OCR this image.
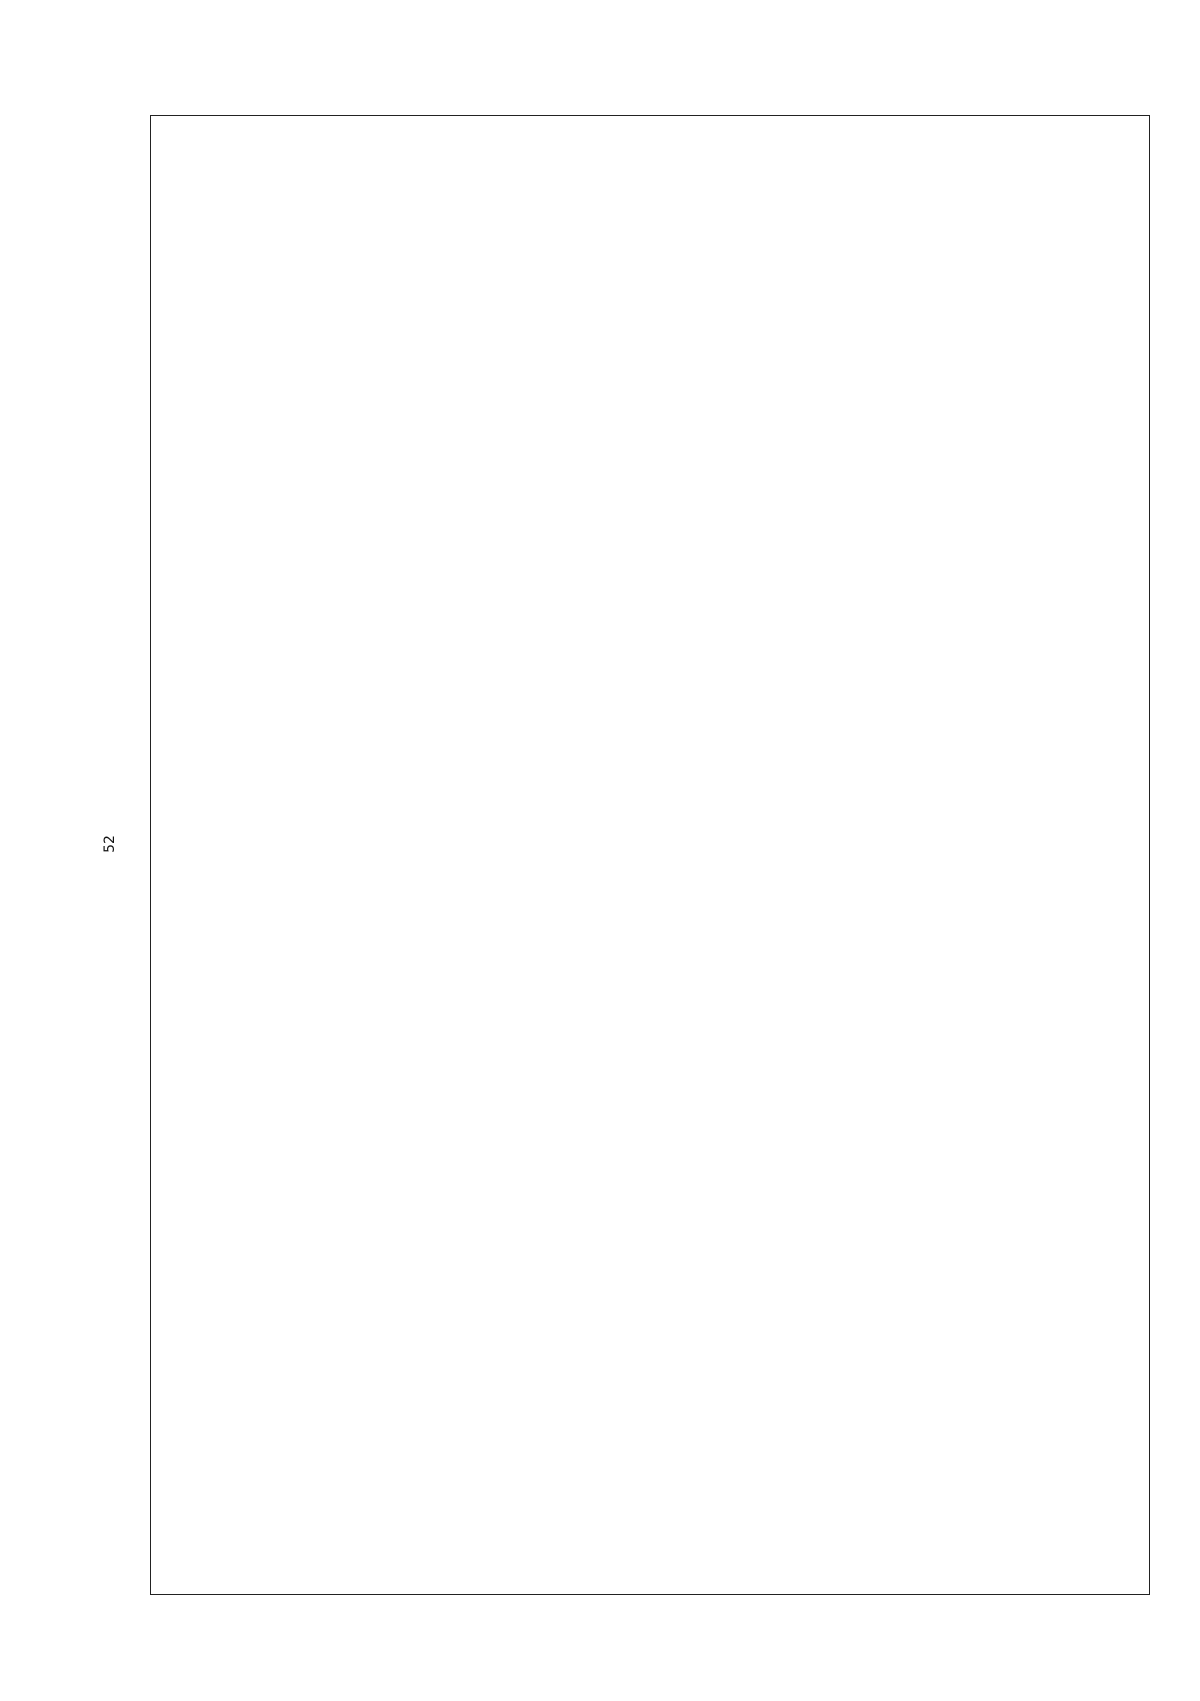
52
